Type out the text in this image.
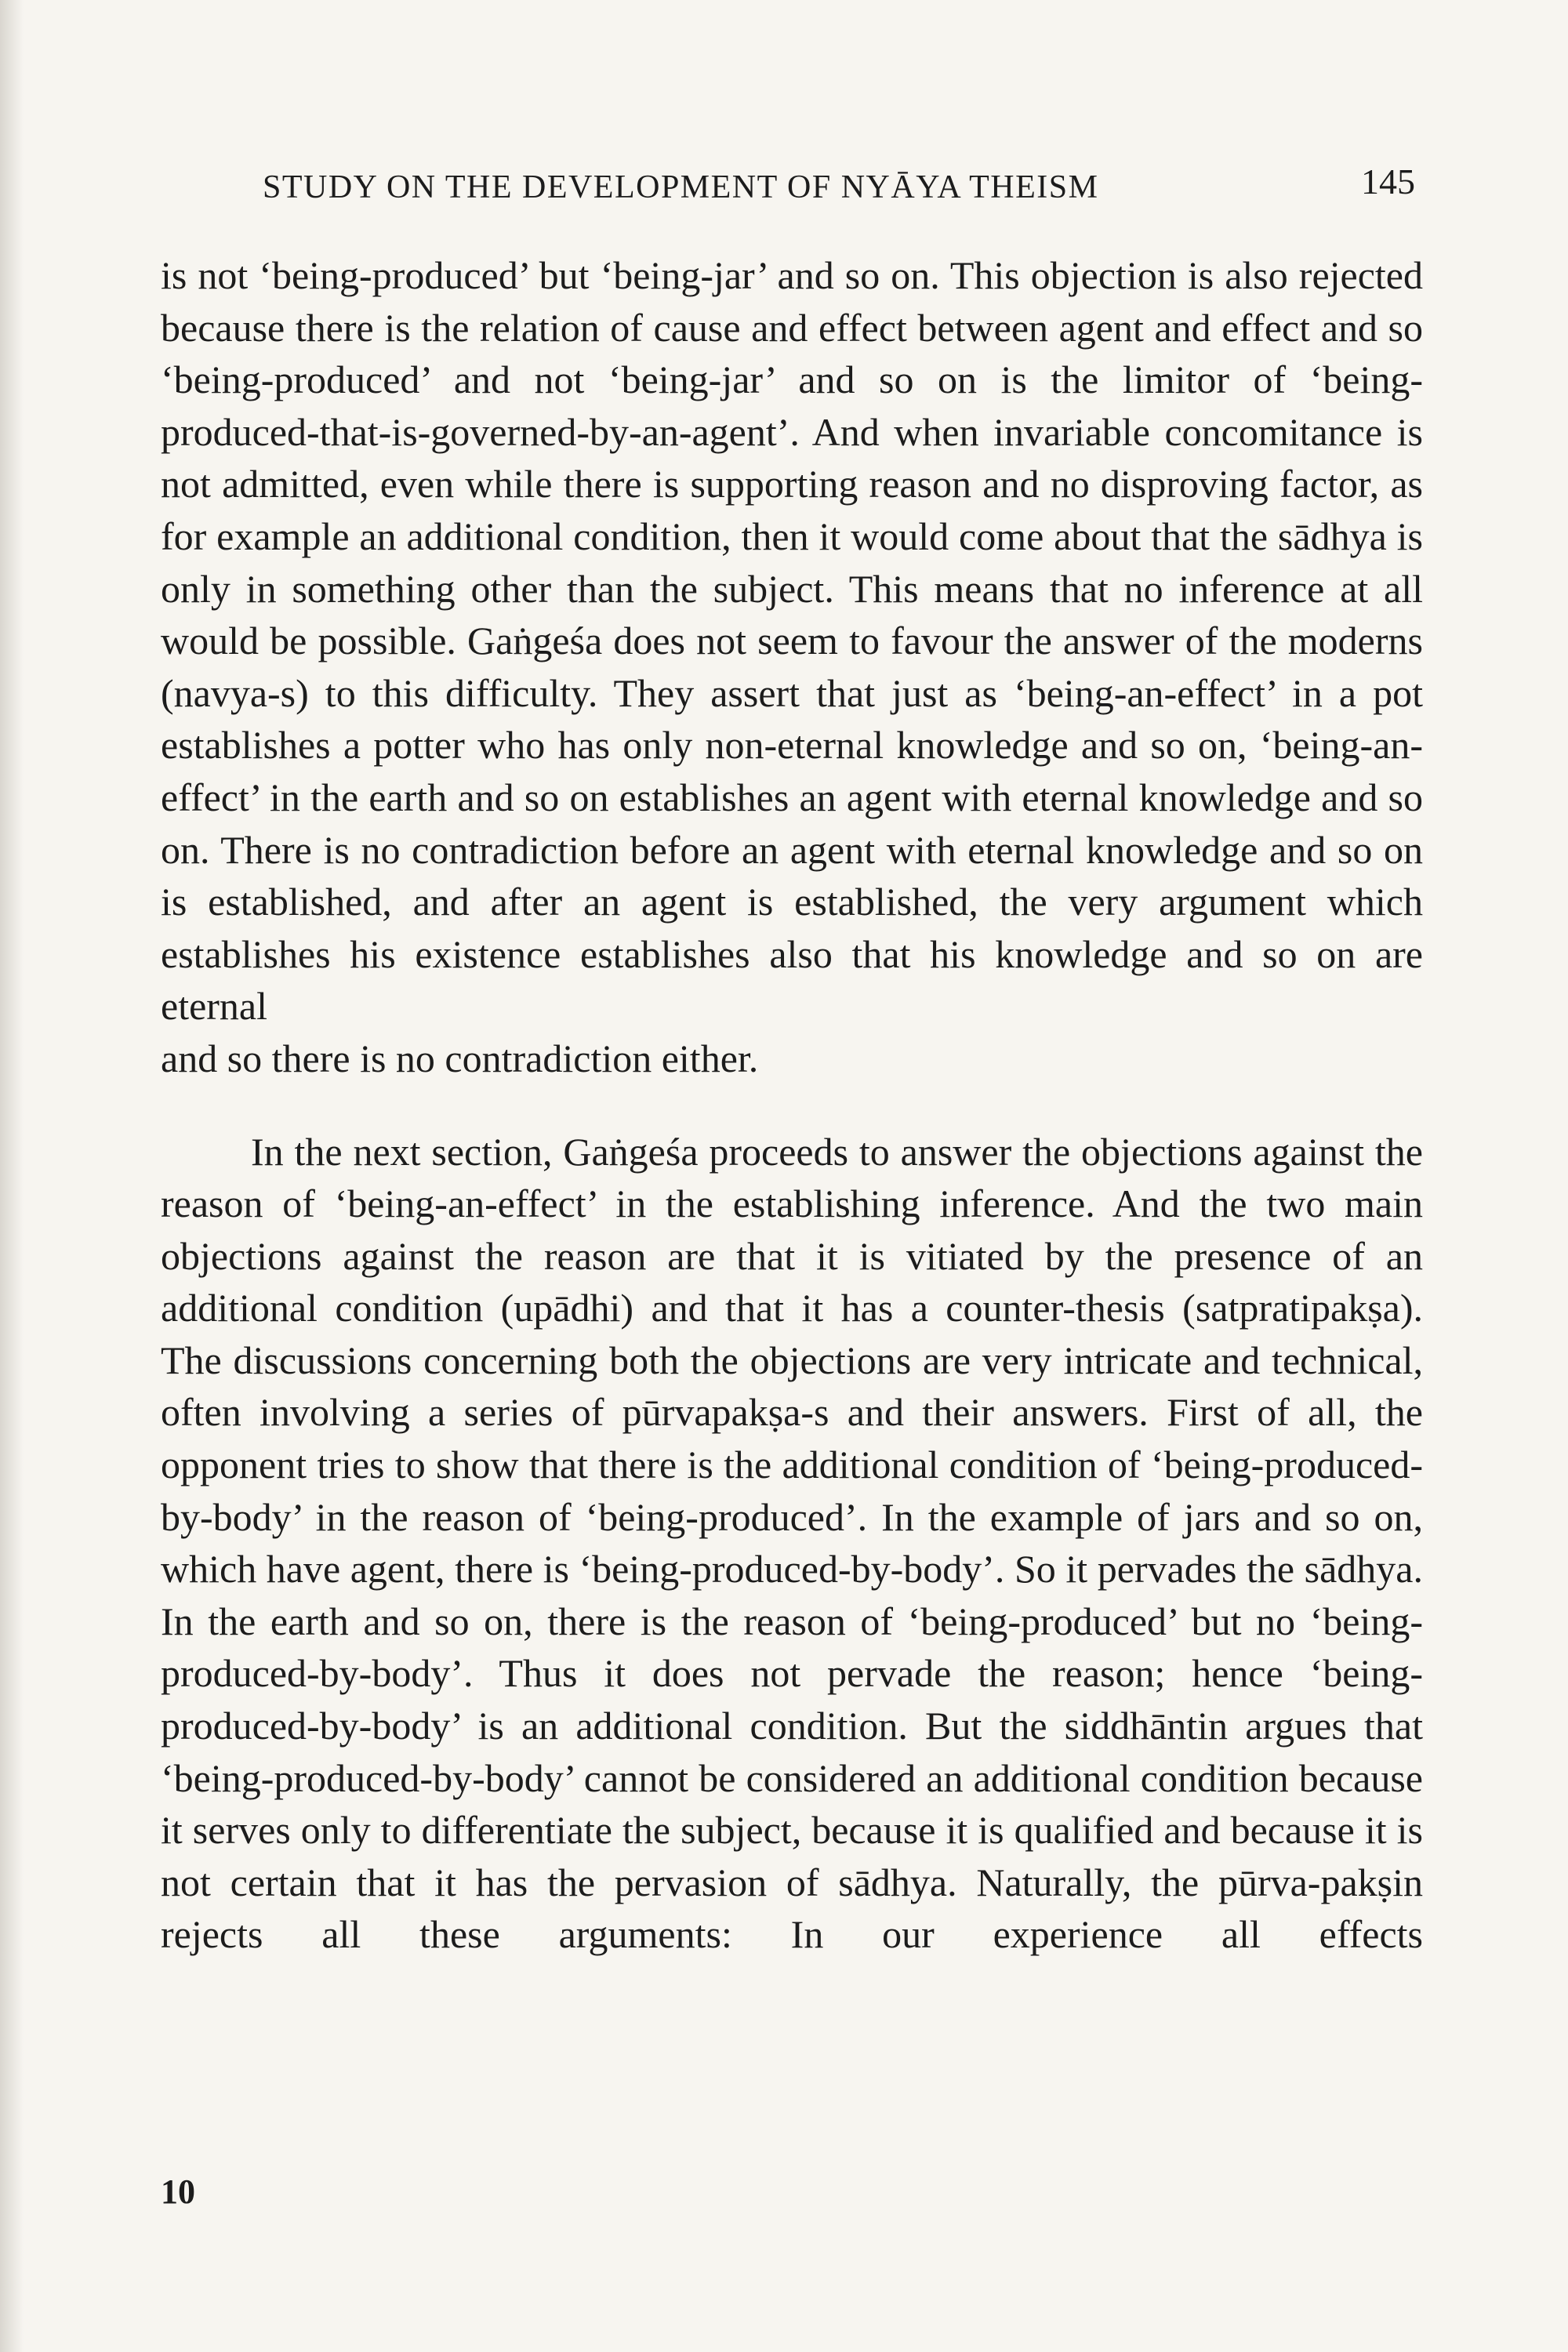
STUDY ON THE DEVELOPMENT OF NYĀYA THEISM	145

is not ‘being-produced’ but ‘being-jar’ and so on. This objection is also rejected because there is the relation of cause and effect between agent and effect and so ‘being-produced’ and not ‘being-jar’ and so on is the limitor of ‘being-produced-that-is-governed-by-an-agent’. And when invariable concomitance is not admitted, even while there is supporting reason and no disproving factor, as for example an additional condition, then it would come about that the sādhya is only in something other than the subject. This means that no inference at all would be possible. Gaṅgeśa does not seem to favour the answer of the moderns (navya-s) to this difficulty. They assert that just as ‘being-an-effect’ in a pot establishes a potter who has only non-eternal knowledge and so on, ‘being-an-effect’ in the earth and so on establishes an agent with eternal knowledge and so on. There is no contradiction before an agent with eternal knowledge and so on is established, and after an agent is established, the very argument which establishes his existence establishes also that his knowledge and so on are eternal
and so there is no contradiction either.

In the next section, Gaṅgeśa proceeds to answer the objections against the reason of ‘being-an-effect’ in the establishing inference. And the two main objections against the reason are that it is vitiated by the presence of an additional condition (upādhi) and that it has a counter-thesis (satpratipakṣa). The discussions concerning both the objections are very intricate and technical, often involving a series of pūrvapakṣa-s and their answers. First of all, the opponent tries to show that there is the additional condition of ‘being-produced-by-body’ in the reason of ‘being-produced’. In the example of jars and so on, which have agent, there is ‘being-produced-by-body’. So it pervades the sādhya. In the earth and so on, there is the reason of ‘being-produced’ but no ‘being-produced-by-body’. Thus it does not pervade the reason; hence ‘being-produced-by-body’ is an additional condition. But the siddhāntin argues that ‘being-produced-by-body’ cannot be considered an additional condition because it serves only to differentiate the subject, because it is qualified and because it is not certain that it has the pervasion of sādhya. Naturally, the pūrva-pakṣin rejects all these arguments: In our experience all effects

10
